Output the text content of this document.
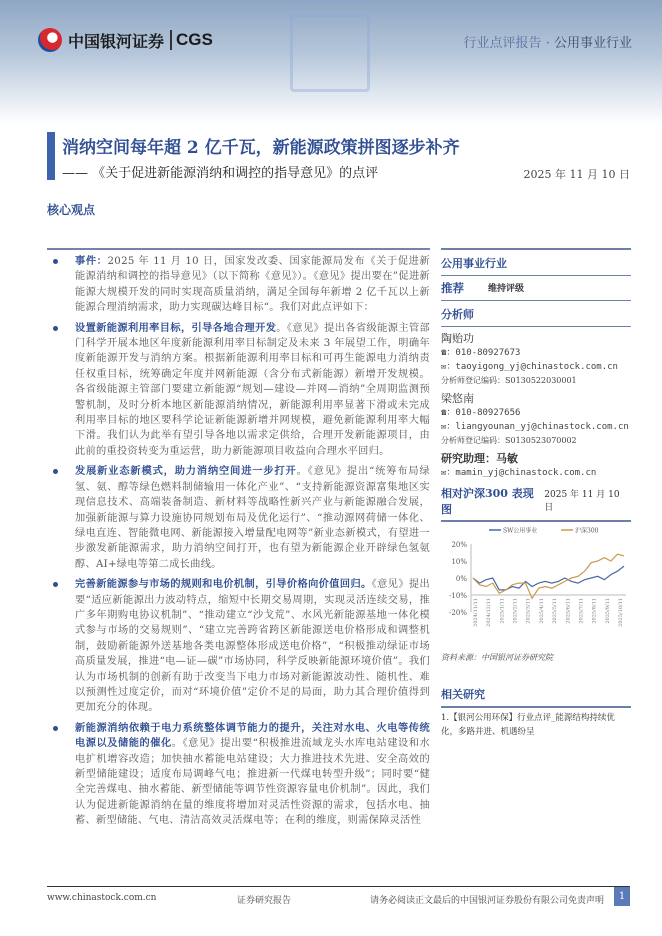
中国银河证券 CGS	行业点评报告 · 公用事业行业
消纳空间每年超 2 亿千瓦，新能源政策拼图逐步补齐
—— 《关于促进新能源消纳和调控的指导意见》的点评	2025 年 11 月 10 日
核心观点
事件：2025 年 11 月 10 日，国家发改委、国家能源局发布《关于促进新能源消纳和调控的指导意见》（以下简称《意见》）。《意见》提出要在”促进新能源大规模开发的同时实现高质量消纳，满足全国每年新增 2 亿千瓦以上新能源合理消纳需求，助力实现碳达峰目标“。我们对此点评如下：
设置新能源利用率目标，引导各地合理开发。《意见》提出各省级能源主管部门科学开展本地区年度新能源利用率目标制定及未来 3 年展望工作，明确年度新能源开发与消纳方案。根据新能源利用率目标和可再生能源电力消纳责任权重目标，统筹确定年度并网新能源（含分布式新能源）新增开发规模。各省级能源主管部门要建立新能源“规划—建设—并网—消纳”全周期监测预警机制，及时分析本地区新能源消纳情况，新能源利用率显著下滑或未完成利用率目标的地区要科学论证新能源新增并网规模，避免新能源利用率大幅下滑。我们认为此举有望引导各地以需求定供给，合理开发新能源项目，由此前的重投资转变为重运营，助力新能源项目收益向合理水平回归。
发展新业态新模式，助力消纳空间进一步打开。《意见》提出“统筹布局绿氢、氨、醇等绿色燃料制储输用一体化产业”、“支持新能源资源富集地区实现信息技术、高端装备制造、新材料等战略性新兴产业与新能源融合发展，加强新能源与算力设施协同规划布局及优化运行”、“推动源网荷储一体化、绿电直连、智能微电网、新能源接入增量配电网等”新业态新模式，有望进一步激发新能源需求，助力消纳空间打开，也有望为新能源企业开辟绿色氢氨醇、AI+绿电等第二成长曲线。
完善新能源参与市场的规则和电价机制，引导价格向价值回归。《意见》提出要“适应新能源出力波动特点，缩短中长期交易周期，实现灵活连续交易，推广多年期购电协议机制”、“推动建立“沙戈荒”、水风光新能源基地一体化模式参与市场的交易规则”、“建立完善跨省跨区新能源送电价格形成和调整机制，鼓励新能源外送基地各类电源整体形成送电价格”，“积极推动绿证市场高质量发展，推进“电—证—碳”市场协同，科学反映新能源环境价值”。我们认为市场机制的创新有助于改变当下电力市场对新能源波动性、随机性、难以预测性过度定价，而对“环境价值”定价不足的局面，助力其合理价值得到更加充分的体现。
新能源消纳依赖于电力系统整体调节能力的提升，关注对水电、火电等传统电源以及储能的催化。《意见》提出要“积极推进流域龙头水库电站建设和水电扩机增容改造；加快抽水蓄能电站建设；大力推进技术先进、安全高效的新型储能建设；适度布局调峰气电；推进新一代煤电转型升级”；同时要“健全完善煤电、抽水蓄能、新型储能等调节性资源容量电价机制”。因此，我们认为促进新能源消纳在量的维度将增加对灵活性资源的需求，包括水电、抽蓄、新型储能、气电、清洁高效灵活煤电等；在利的维度，则需保障灵活性
公用事业行业
推荐	维持评级
分析师
陶贻功
☎：010-80927673
✉：taoyigong_yj@chinastock.com.cn
分析师登记编码：S0130522030001
梁悠南
☎：010-80927656
✉：liangyounan_yj@chinastock.com.cn
分析师登记编码：S0130523070002
研究助理：马敏
✉：mamin_yj@chinastock.com.cn
相对沪深300 表现图
2025 年 11 月 10 日
20%
10%
0%
-10%
-20% 2024/11/11 2024/12/11 2025/1/11 2025/2/11 2025/3/11 2025/4/11 2025/5/11 2025/6/11 2025/7/11 2025/8/11 2025/9/11 2025/10/11
SW公用事业	沪深300
资料来源：中国银河证券研究院
相关研究
1.【银河公用环保】行业点评_能源结构持续优化，多路并进、机遇纷呈
www.chinastock.com.cn	证券研究报告	请务必阅读正文最后的中国银河证券股份有限公司免责声明	1
